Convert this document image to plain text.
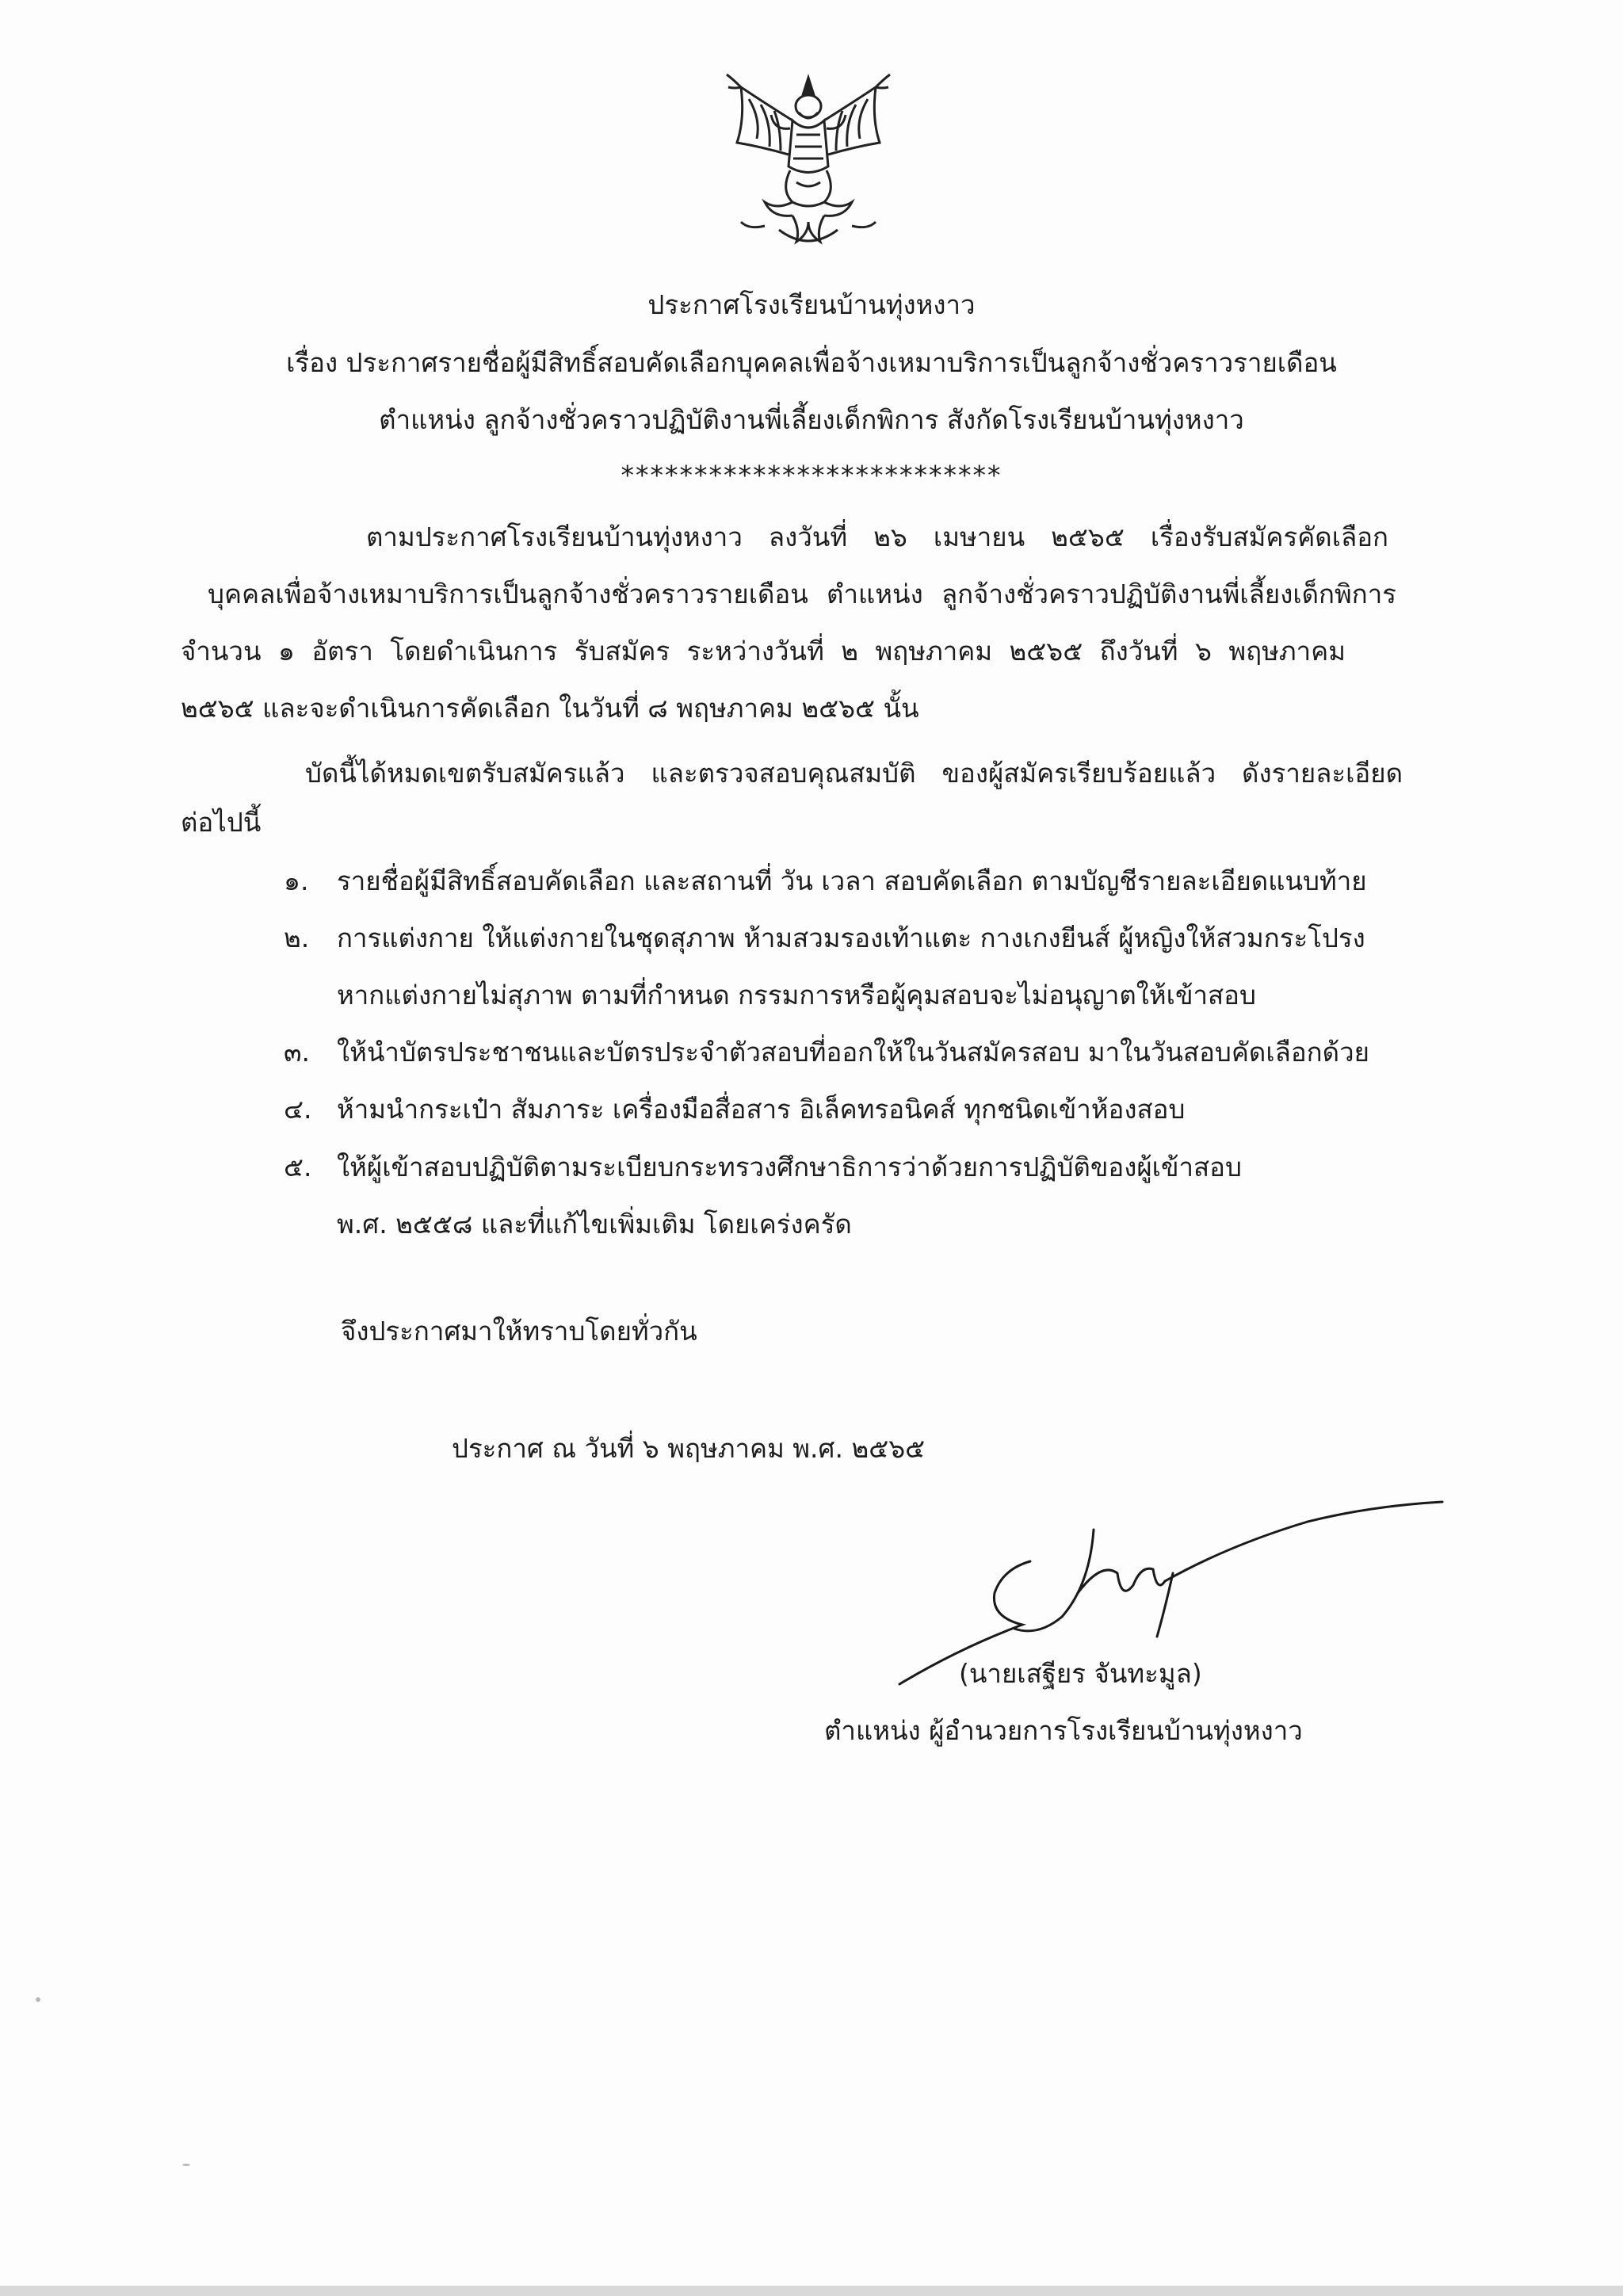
ประกาศโรงเรียนบ้านทุ่งหงาว
เรื่อง ประกาศรายชื่อผู้มีสิทธิ์สอบคัดเลือกบุคคลเพื่อจ้างเหมาบริการเป็นลูกจ้างชั่วคราวรายเดือน
ตำแหน่ง ลูกจ้างชั่วคราวปฏิบัติงานพี่เลี้ยงเด็กพิการ สังกัดโรงเรียนบ้านทุ่งหงาว
**************************
ตามประกาศโรงเรียนบ้านทุ่งหงาว ลงวันที่ ๒๖ เมษายน ๒๕๖๕ เรื่องรับสมัครคัดเลือก
บุคคลเพื่อจ้างเหมาบริการเป็นลูกจ้างชั่วคราวรายเดือน ตำแหน่ง ลูกจ้างชั่วคราวปฏิบัติงานพี่เลี้ยงเด็กพิการ
จำนวน ๑ อัตรา โดยดำเนินการ รับสมัคร ระหว่างวันที่ ๒ พฤษภาคม ๒๕๖๕ ถึงวันที่ ๖ พฤษภาคม
๒๕๖๕ และจะดำเนินการคัดเลือก ในวันที่ ๘ พฤษภาคม ๒๕๖๕ นั้น
บัดนี้ได้หมดเขตรับสมัครแล้ว และตรวจสอบคุณสมบัติ ของผู้สมัครเรียบร้อยแล้ว ดังรายละเอียด
ต่อไปนี้
๑. รายชื่อผู้มีสิทธิ์สอบคัดเลือก และสถานที่ วัน เวลา สอบคัดเลือก ตามบัญชีรายละเอียดแนบท้าย
๒. การแต่งกาย ให้แต่งกายในชุดสุภาพ ห้ามสวมรองเท้าแตะ กางเกงยีนส์ ผู้หญิงให้สวมกระโปรง
หากแต่งกายไม่สุภาพ ตามที่กำหนด กรรมการหรือผู้คุมสอบจะไม่อนุญาตให้เข้าสอบ
๓. ให้นำบัตรประชาชนและบัตรประจำตัวสอบที่ออกให้ในวันสมัครสอบ มาในวันสอบคัดเลือกด้วย
๔. ห้ามนำกระเป๋า สัมภาระ เครื่องมือสื่อสาร อิเล็คทรอนิคส์ ทุกชนิดเข้าห้องสอบ
๕. ให้ผู้เข้าสอบปฏิบัติตามระเบียบกระทรวงศึกษาธิการว่าด้วยการปฏิบัติของผู้เข้าสอบ
พ.ศ. ๒๕๕๘ และที่แก้ไขเพิ่มเติม โดยเคร่งครัด
จึงประกาศมาให้ทราบโดยทั่วกัน
ประกาศ ณ วันที่ ๖ พฤษภาคม พ.ศ. ๒๕๖๕
(นายเสฐียร จันทะมูล)
ตำแหน่ง ผู้อำนวยการโรงเรียนบ้านทุ่งหงาว
